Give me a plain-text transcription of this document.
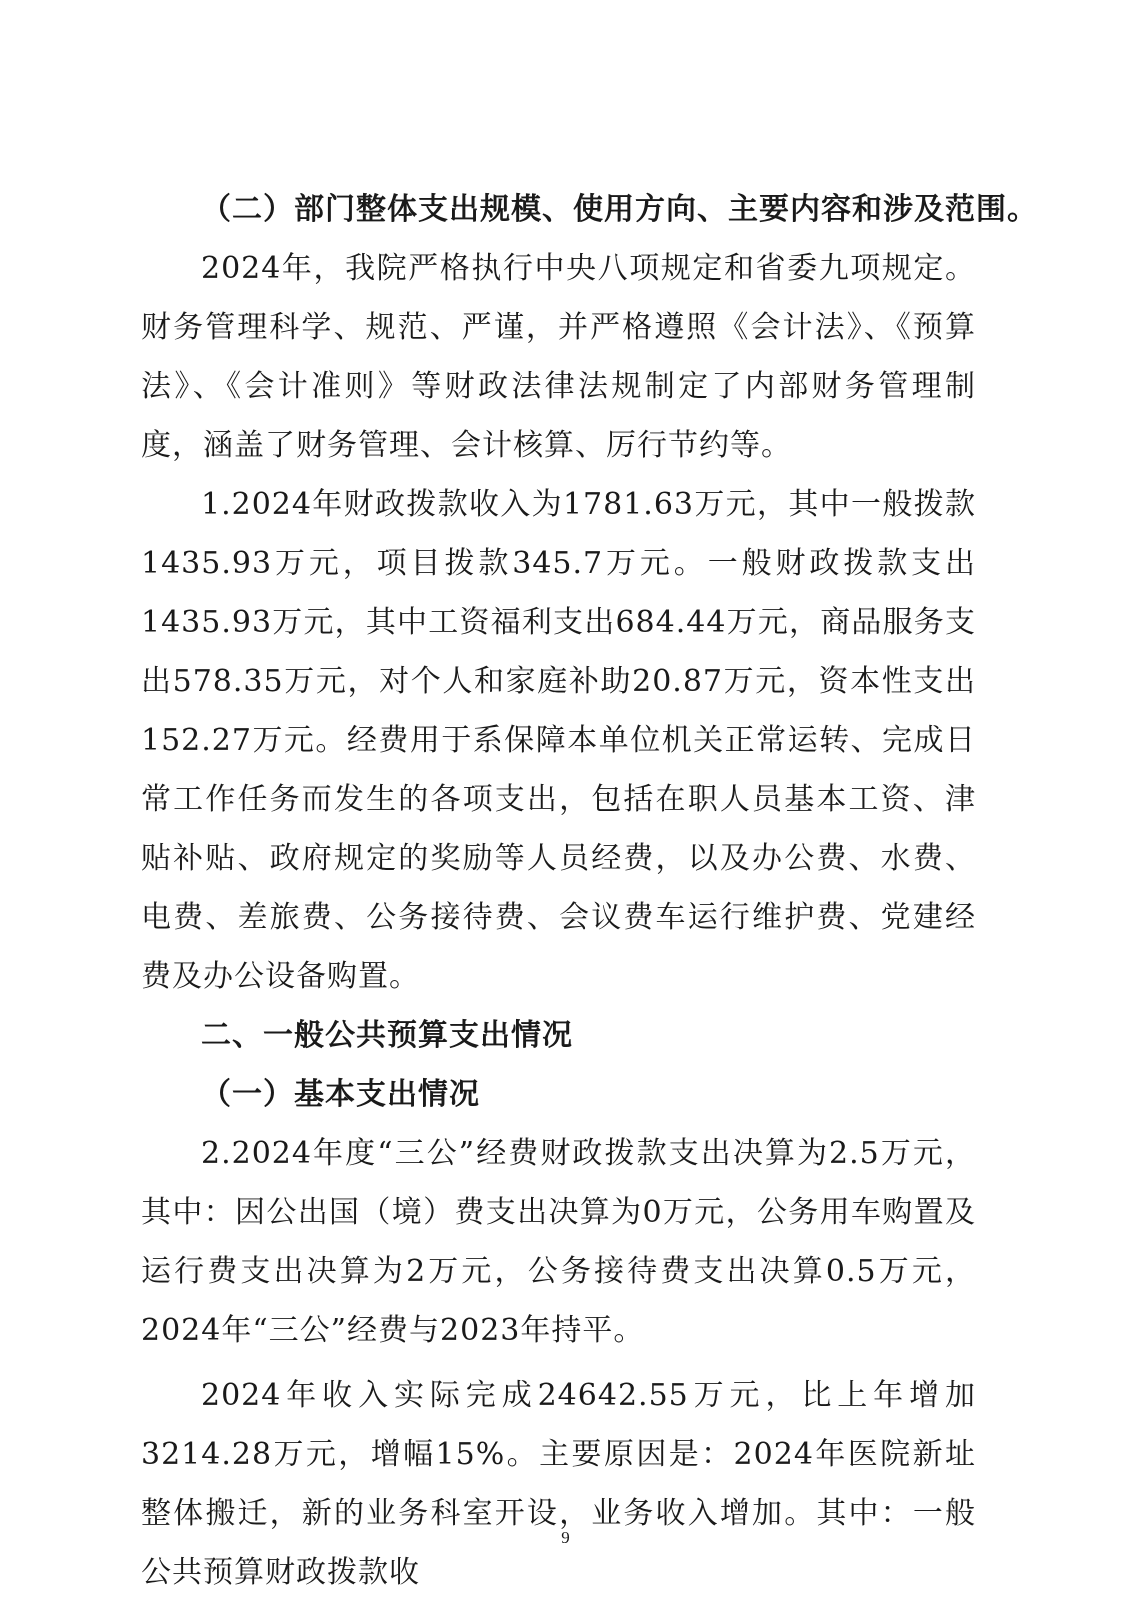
（二）部门整体支出规模、使用方向、主要内容和涉及范围。

2024年，我院严格执行中央八项规定和省委九项规定。财务管理科学、规范、严谨，并严格遵照《会计法》、《预算法》、《会计准则》等财政法律法规制定了内部财务管理制度，涵盖了财务管理、会计核算、厉行节约等。

1.2024年财政拨款收入为1781.63万元，其中一般拨款1435.93万元，项目拨款345.7万元。一般财政拨款支出1435.93万元，其中工资福利支出684.44万元，商品服务支出578.35万元，对个人和家庭补助20.87万元，资本性支出152.27万元。经费用于系保障本单位机关正常运转、完成日常工作任务而发生的各项支出，包括在职人员基本工资、津贴补贴、政府规定的奖励等人员经费，以及办公费、水费、电费、差旅费、公务接待费、会议费车运行维护费、党建经费及办公设备购置。

二、一般公共预算支出情况

（一）基本支出情况

2.2024年度“三公”经费财政拨款支出决算为2.5万元，其中：因公出国（境）费支出决算为0万元，公务用车购置及运行费支出决算为2万元，公务接待费支出决算0.5万元，2024年“三公”经费与2023年持平。

2024年收入实际完成24642.55万元，比上年增加3214.28万元，增幅15%。主要原因是：2024年医院新址整体搬迁，新的业务科室开设，业务收入增加。其中：一般公共预算财政拨款收

9
